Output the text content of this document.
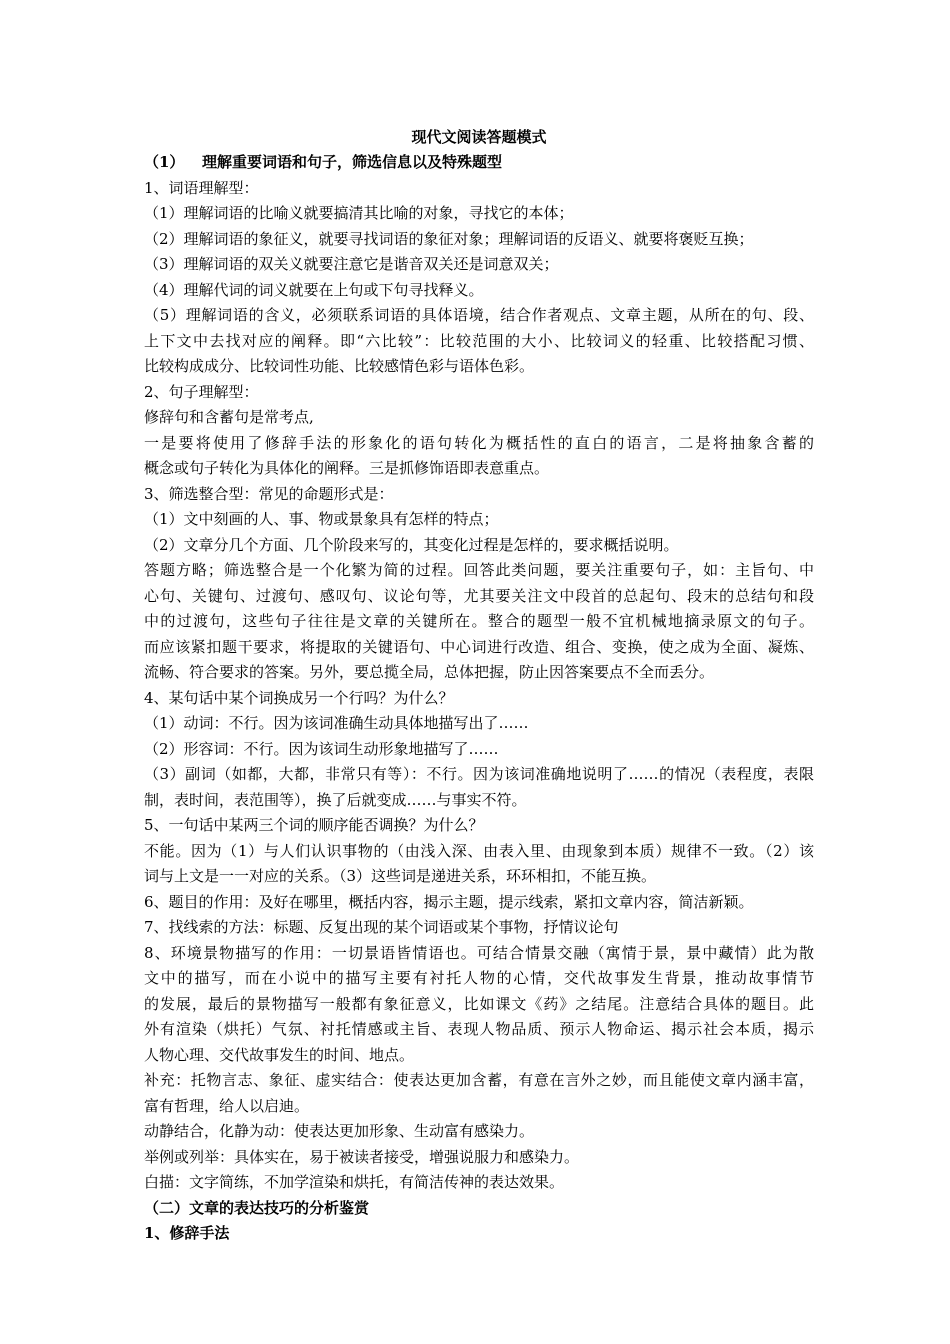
现代文阅读答题模式
（1） 理解重要词语和句子，筛选信息以及特殊题型
1、词语理解型：
（1）理解词语的比喻义就要搞清其比喻的对象，寻找它的本体；
（2）理解词语的象征义，就要寻找词语的象征对象；理解词语的反语义、就要将褒贬互换；
（3）理解词语的双关义就要注意它是谐音双关还是词意双关；
（4）理解代词的词义就要在上句或下句寻找释义。
（5）理解词语的含义，必须联系词语的具体语境，结合作者观点、文章主题，从所在的句、段、
上下文中去找对应的阐释。即“六比较”：比较范围的大小、比较词义的轻重、比较搭配习惯、
比较构成成分、比较词性功能、比较感情色彩与语体色彩。
2、句子理解型：
修辞句和含蓄句是常考点,
一是要将使用了修辞手法的形象化的语句转化为概括性的直白的语言，二是将抽象含蓄的
概念或句子转化为具体化的阐释。三是抓修饰语即表意重点。
3、筛选整合型：常见的命题形式是：
（1）文中刻画的人、事、物或景象具有怎样的特点；
（2）文章分几个方面、几个阶段来写的，其变化过程是怎样的，要求概括说明。
答题方略；筛选整合是一个化繁为简的过程。回答此类问题，要关注重要句子，如：主旨句、中
心句、关键句、过渡句、感叹句、议论句等，尤其要关注文中段首的总起句、段末的总结句和段
中的过渡句，这些句子往往是文章的关键所在。整合的题型一般不宜机械地摘录原文的句子。
而应该紧扣题干要求，将提取的关键语句、中心词进行改造、组合、变换，使之成为全面、凝炼、
流畅、符合要求的答案。另外，要总揽全局，总体把握，防止因答案要点不全而丢分。
4、某句话中某个词换成另一个行吗？为什么？
（1）动词：不行。因为该词准确生动具体地描写出了……
（2）形容词：不行。因为该词生动形象地描写了……
（3）副词（如都，大都，非常只有等）：不行。因为该词准确地说明了……的情况（表程度，表限
制，表时间，表范围等），换了后就变成……与事实不符。
5、一句话中某两三个词的顺序能否调换？为什么？
不能。因为（1）与人们认识事物的（由浅入深、由表入里、由现象到本质）规律不一致。（2）该
词与上文是一一对应的关系。（3）这些词是递进关系，环环相扣，不能互换。
6、题目的作用：及好在哪里，概括内容，揭示主题，提示线索，紧扣文章内容，简洁新颖。
7、找线索的方法：标题、反复出现的某个词语或某个事物，抒情议论句
8、环境景物描写的作用：一切景语皆情语也。可结合情景交融（寓情于景，景中藏情）此为散
文中的描写，而在小说中的描写主要有衬托人物的心情，交代故事发生背景，推动故事情节
的发展，最后的景物描写一般都有象征意义，比如课文《药》之结尾。注意结合具体的题目。此
外有渲染（烘托）气氛、衬托情感或主旨、表现人物品质、预示人物命运、揭示社会本质，揭示
人物心理、交代故事发生的时间、地点。
补充：托物言志、象征、虚实结合：使表达更加含蓄，有意在言外之妙，而且能使文章内涵丰富，
富有哲理，给人以启迪。
动静结合，化静为动：使表达更加形象、生动富有感染力。
举例或列举：具体实在，易于被读者接受，增强说服力和感染力。
白描：文字简练，不加学渲染和烘托，有简洁传神的表达效果。
（二）文章的表达技巧的分析鉴赏
1、修辞手法
